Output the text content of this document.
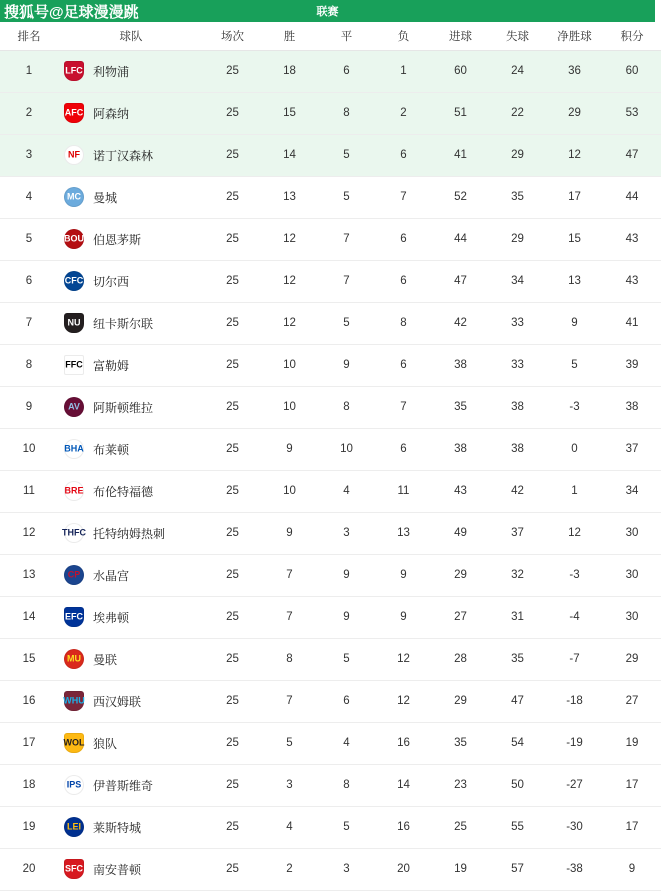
搜狐号@足球漫漫跳	联赛
排名	球队	场次	胜	平	负	进球	失球	净胜球	积分
1	LFC 利物浦	25	18	6	1	60	24	36	60
2	AFC 阿森纳	25	15	8	2	51	22	29	53
3	NF 诺丁汉森林	25	14	5	6	41	29	12	47
4	MC 曼城	25	13	5	7	52	35	17	44
5	BOU 伯恩茅斯	25	12	7	6	44	29	15	43
6	CFC 切尔西	25	12	7	6	47	34	13	43
7	NU 纽卡斯尔联	25	12	5	8	42	33	9	41
8	FFC 富勒姆	25	10	9	6	38	33	5	39
9	AV 阿斯顿维拉	25	10	8	7	35	38	-3	38
10	BHA 布莱顿	25	9	10	6	38	38	0	37
11	BRE 布伦特福德	25	10	4	11	43	42	1	34
12	THFC 托特纳姆热刺	25	9	3	13	49	37	12	30
13	CP 水晶宫	25	7	9	9	29	32	-3	30
14	EFC 埃弗顿	25	7	9	9	27	31	-4	30
15	MU 曼联	25	8	5	12	28	35	-7	29
16	WHU 西汉姆联	25	7	6	12	29	47	-18	27
17	WOL 狼队	25	5	4	16	35	54	-19	19
18	IPS 伊普斯维奇	25	3	8	14	23	50	-27	17
19	LEI 莱斯特城	25	4	5	16	25	55	-30	17
20	SFC 南安普顿	25	2	3	20	19	57	-38	9
